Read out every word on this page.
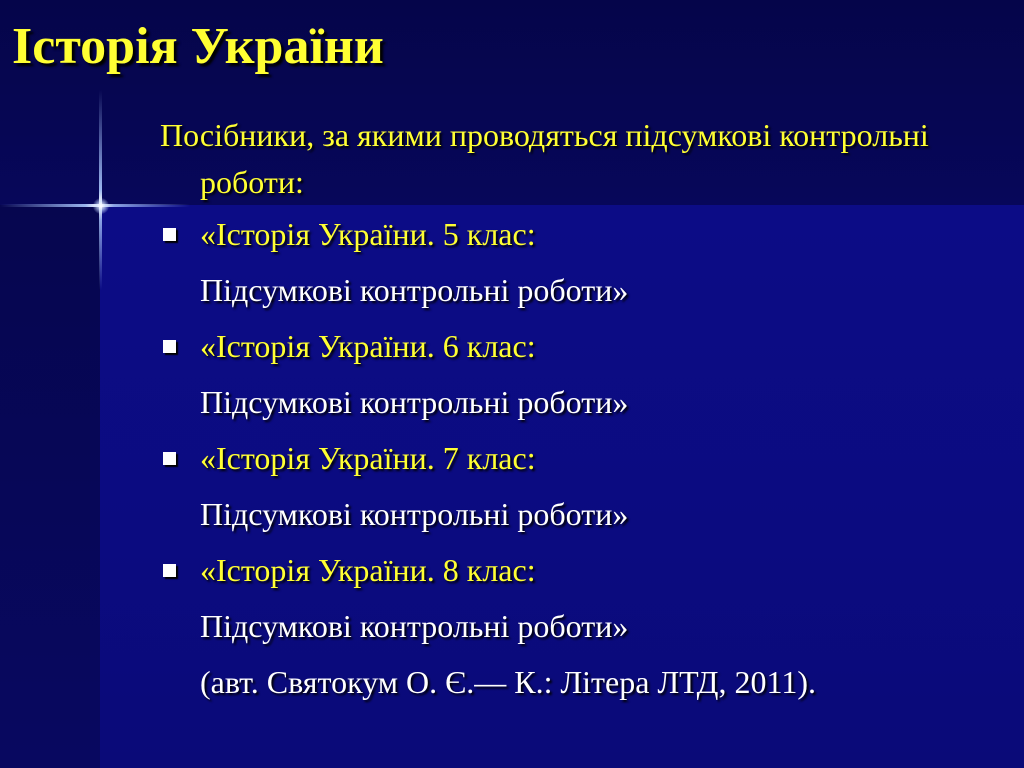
Історія України

Посібники, за якими проводяться підсумкові контрольні роботи:

«Історія України. 5 клас:
Підсумкові контрольні роботи»
«Історія України. 6 клас:
Підсумкові контрольні роботи»
«Історія України. 7 клас:
Підсумкові контрольні роботи»
«Історія України. 8 клас:
Підсумкові контрольні роботи»
(авт. Святокум О. Є.— К.: Літера ЛТД, 2011).
